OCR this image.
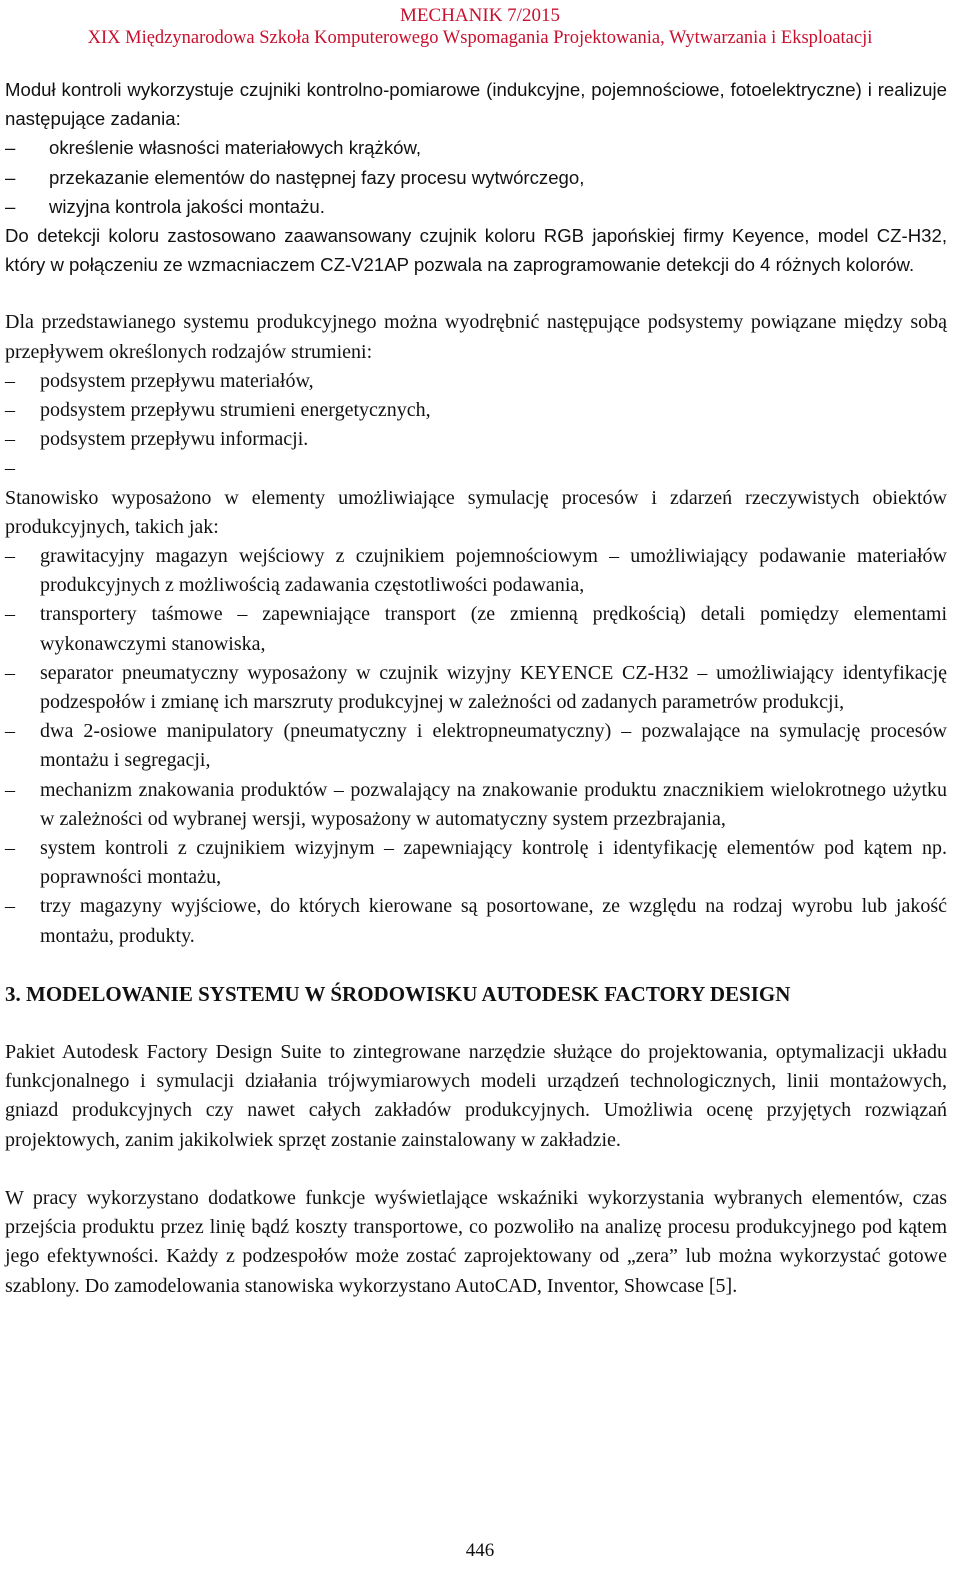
MECHANIK 7/2015
XIX Międzynarodowa Szkoła Komputerowego Wspomagania Projektowania, Wytwarzania i Eksploatacji

Moduł kontroli wykorzystuje czujniki kontrolno-pomiarowe (indukcyjne, pojemnościowe, fotoelektryczne) i realizuje następujące zadania:

– określenie własności materiałowych krążków,
– przekazanie elementów do następnej fazy procesu wytwórczego,
– wizyjna kontrola jakości montażu.

Do detekcji koloru zastosowano zaawansowany czujnik koloru RGB japońskiej firmy Keyence, model CZ-H32, który w połączeniu ze wzmacniaczem CZ-V21AP pozwala na zaprogramowanie detekcji do 4 różnych kolorów.

Dla przedstawianego systemu produkcyjnego można wyodrębnić następujące podsystemy powiązane między sobą przepływem określonych rodzajów strumieni:

– podsystem przepływu materiałów,
– podsystem przepływu strumieni energetycznych,
– podsystem przepływu informacji.
–

Stanowisko wyposażono w elementy umożliwiające symulację procesów i zdarzeń rzeczywistych obiektów produkcyjnych, takich jak:

– grawitacyjny magazyn wejściowy z czujnikiem pojemnościowym – umożliwiający podawanie materiałów produkcyjnych z możliwością zadawania częstotliwości podawania,
– transportery taśmowe – zapewniające transport (ze zmienną prędkością) detali pomiędzy elementami wykonawczymi stanowiska,
– separator pneumatyczny wyposażony w czujnik wizyjny KEYENCE CZ-H32 – umożliwiający identyfikację podzespołów i zmianę ich marszruty produkcyjnej w zależności od zadanych parametrów produkcji,
– dwa 2-osiowe manipulatory (pneumatyczny i elektropneumatyczny) – pozwalające na symulację procesów montażu i segregacji,
– mechanizm znakowania produktów – pozwalający na znakowanie produktu znacznikiem wielokrotnego użytku w zależności od wybranej wersji, wyposażony w automatyczny system przezbrajania,
– system kontroli z czujnikiem wizyjnym – zapewniający kontrolę i identyfikację elementów pod kątem np. poprawności montażu,
– trzy magazyny wyjściowe, do których kierowane są posortowane, ze względu na rodzaj wyrobu lub jakość montażu, produkty.
3. MODELOWANIE SYSTEMU W ŚRODOWISKU AUTODESK FACTORY DESIGN

Pakiet Autodesk Factory Design Suite to zintegrowane narzędzie służące do projektowania, optymalizacji układu funkcjonalnego i symulacji działania trójwymiarowych modeli urządzeń technologicznych, linii montażowych, gniazd produkcyjnych czy nawet całych zakładów produkcyjnych. Umożliwia ocenę przyjętych rozwiązań projektowych, zanim jakikolwiek sprzęt zostanie zainstalowany w zakładzie.

W pracy wykorzystano dodatkowe funkcje wyświetlające wskaźniki wykorzystania wybranych elementów, czas przejścia produktu przez linię bądź koszty transportowe, co pozwoliło na analizę procesu produkcyjnego pod kątem jego efektywności. Każdy z podzespołów może zostać zaprojektowany od „zera” lub można wykorzystać gotowe szablony. Do zamodelowania stanowiska wykorzystano AutoCAD, Inventor, Showcase [5].

446
